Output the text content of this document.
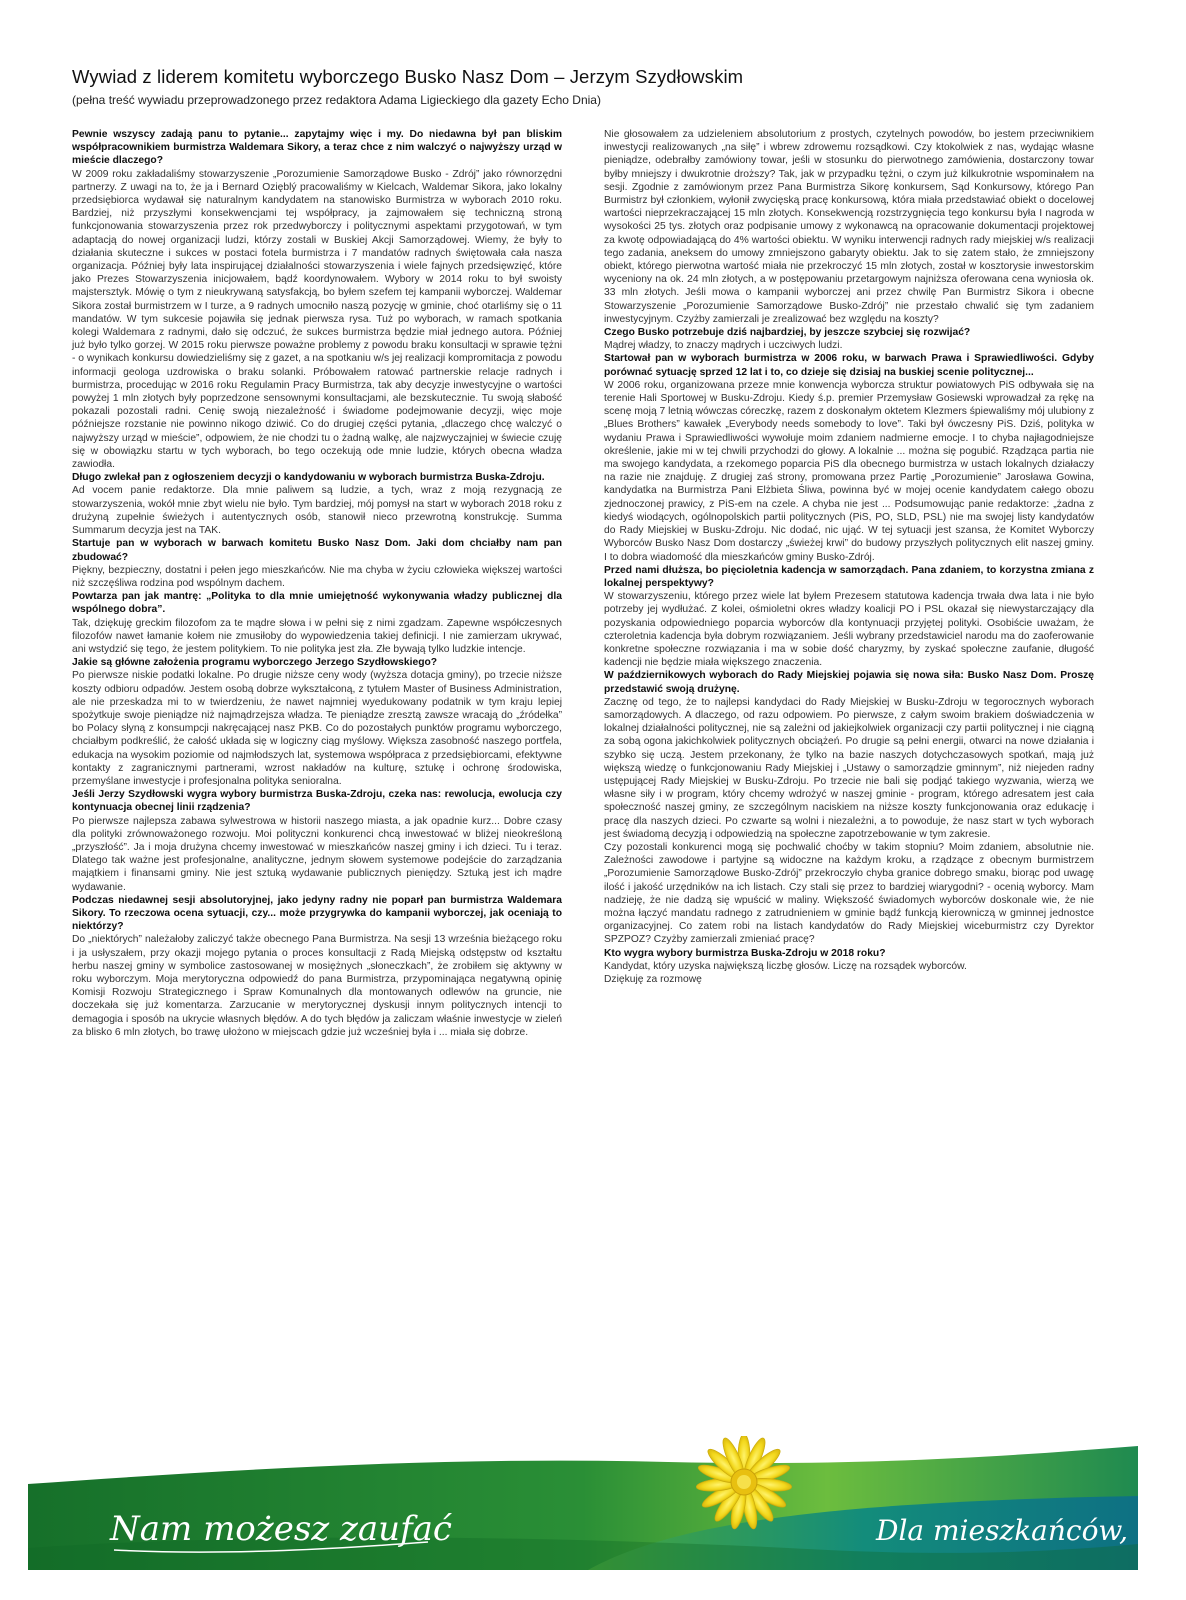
Wywiad z liderem komitetu wyborczego Busko Nasz Dom – Jerzym Szydłowskim
(pełna treść wywiadu przeprowadzonego przez redaktora Adama Ligieckiego dla gazety Echo Dnia)

Pewnie wszyscy zadają panu to pytanie... zapytajmy więc i my. Do niedawna był pan bliskim współpracownikiem burmistrza Waldemara Sikory, a teraz chce z nim walczyć o najwyższy urząd w mieście dlaczego?

W 2009 roku zakładaliśmy stowarzyszenie „Porozumienie Samorządowe Busko - Zdrój” jako równorzędni partnerzy. Z uwagi na to, że ja i Bernard Ozięblý pracowaliśmy w Kielcach, Waldemar Sikora, jako lokalny przedsiębiorca wydawał się naturalnym kandydatem na stanowisko Burmistrza w wyborach 2010 roku. Bardziej, niż przyszłymi konsekwencjami tej współpracy, ja zajmowałem się techniczną stroną funkcjonowania stowarzyszenia przez rok przedwyborczy i politycznymi aspektami przygotowań, w tym adaptacją do nowej organizacji ludzi, którzy zostali w Buskiej Akcji Samorządowej. Wiemy, że były to działania skuteczne i sukces w postaci fotela burmistrza i 7 mandatów radnych świętowała cała nasza organizacja. Później były lata inspirującej działalności stowarzyszenia i wiele fajnych przedsięwzięć, które jako Prezes Stowarzyszenia inicjowałem, bądź koordynowałem. Wybory w 2014 roku to był swoisty majstersztyk. Mówię o tym z nieukrywaną satysfakcją, bo byłem szefem tej kampanii wyborczej. Waldemar Sikora został burmistrzem w I turze, a 9 radnych umocniło naszą pozycję w gminie, choć otarliśmy się o 11 mandatów. W tym sukcesie pojawiła się jednak pierwsza rysa. Tuż po wyborach, w ramach spotkania kolegi Waldemara z radnymi, dało się odczuć, że sukces burmistrza będzie miał jednego autora. Później już było tylko gorzej. W 2015 roku pierwsze poważne problemy z powodu braku konsultacji w sprawie tężni - o wynikach konkursu dowiedzieliśmy się z gazet, a na spotkaniu w/s jej realizacji kompromitacja z powodu informacji geologa uzdrowiska o braku solanki. Próbowałem ratować partnerskie relacje radnych i burmistrza, procedując w 2016 roku Regulamin Pracy Burmistrza, tak aby decyzje inwestycyjne o wartości powyżej 1 mln złotych były poprzedzone sensownymi konsultacjami, ale bezskutecznie. Tu swoją słabość pokazali pozostali radni. Cenię swoją niezależność i świadome podejmowanie decyzji, więc moje późniejsze rozstanie nie powinno nikogo dziwić. Co do drugiej części pytania, „dlaczego chcę walczyć o najwyższy urząd w mieście”, odpowiem, że nie chodzi tu o żadną walkę, ale najzwyczajniej w świecie czuję się w obowiązku startu w tych wyborach, bo tego oczekują ode mnie ludzie, których obecna władza zawiodła.

Długo zwlekał pan z ogłoszeniem decyzji o kandydowaniu w wyborach burmistrza Buska-Zdroju.

Ad vocem panie redaktorze. Dla mnie paliwem są ludzie, a tych, wraz z moją rezygnacją ze stowarzyszenia, wokół mnie zbyt wielu nie było. Tym bardziej, mój pomysł na start w wyborach 2018 roku z drużyną zupełnie świeżych i autentycznych osób, stanowił nieco przewrotną konstrukcję. Summa Summarum decyzja jest na TAK.

Startuje pan w wyborach w barwach komitetu Busko Nasz Dom. Jaki dom chciałby nam pan zbudować?

Piękny, bezpieczny, dostatni i pełen jego mieszkańców. Nie ma chyba w życiu człowieka większej wartości niż szczęśliwa rodzina pod wspólnym dachem.

Powtarza pan jak mantrę: „Polityka to dla mnie umiejętność wykonywania władzy publicznej dla wspólnego dobra”.

Tak, dziękuję greckim filozofom za te mądre słowa i w pełni się z nimi zgadzam. Zapewne współczesnych filozofów nawet łamanie kołem nie zmusiłoby do wypowiedzenia takiej definicji. I nie zamierzam ukrywać, ani wstydzić się tego, że jestem politykiem. To nie polityka jest zła. Złe bywają tylko ludzkie intencje.

Jakie są główne założenia programu wyborczego Jerzego Szydłowskiego?

Po pierwsze niskie podatki lokalne. Po drugie niższe ceny wody (wyższa dotacja gminy), po trzecie niższe koszty odbioru odpadów. Jestem osobą dobrze wykształconą, z tytułem Master of Business Administration, ale nie przeskadza mi to w twierdzeniu, że nawet najmniej wyedukowany podatnik w tym kraju lepiej spożytkuje swoje pieniądze niż najmądrzejsza władza. Te pieniądze zresztą zawsze wracają do „źródełka” bo Polacy słyną z konsumpcji nakręcającej nasz PKB. Co do pozostałych punktów programu wyborczego, chciałbym podkreślić, że całość układa się w logiczny ciąg myślowy. Większa zasobność naszego portfela, edukacja na wysokim poziomie od najmłodszych lat, systemowa współpraca z przedsiębiorcami, efektywne kontakty z zagranicznymi partnerami, wzrost nakładów na kulturę, sztukę i ochronę środowiska, przemyślane inwestycje i profesjonalna polityka senioralna.

Jeśli Jerzy Szydłowski wygra wybory burmistrza Buska-Zdroju, czeka nas: rewolucja, ewolucja czy kontynuacja obecnej linii rządzenia?

Po pierwsze najlepsza zabawa sylwestrowa w historii naszego miasta, a jak opadnie kurz... Dobre czasy dla polityki zrównoważonego rozwoju. Moi polityczni konkurenci chcą inwestować w bliżej nieokreśloną „przyszłość”. Ja i moja drużyna chcemy inwestować w mieszkańców naszej gminy i ich dzieci. Tu i teraz. Dlatego tak ważne jest profesjonalne, analityczne, jednym słowem systemowe podejście do zarządzania majątkiem i finansami gminy. Nie jest sztuką wydawanie publicznych pieniędzy. Sztuką jest ich mądre wydawanie.

Podczas niedawnej sesji absolutoryjnej, jako jedyny radny nie poparł pan burmistrza Waldemara Sikory. To rzeczowa ocena sytuacji, czy... może przygrywka do kampanii wyborczej, jak oceniają to niektórzy?

Do „niektórych” należałoby zaliczyć także obecnego Pana Burmistrza. Na sesji 13 września bieżącego roku i ja usłyszałem, przy okazji mojego pytania o proces konsultacji z Radą Miejską odstępstw od kształtu herbu naszej gminy w symbolice zastosowanej w mosiężnych „słoneczkach”, że zrobiłem się aktywny w roku wyborczym. Moja merytoryczna odpowiedź do pana Burmistrza, przypominająca negatywną opinię Komisji Rozwoju Strategicznego i Spraw Komunalnych dla montowanych odlewów na gruncie, nie doczekała się już komentarza. Zarzucanie w merytorycznej dyskusji innym politycznych intencji to demagogia i sposób na ukrycie własnych błędów. A do tych błędów ja zaliczam właśnie inwestycje w zieleń za blisko 6 mln złotych, bo trawę ułożono w miejscach gdzie już wcześniej była i ... miała się dobrze.

Nie głosowałem za udzieleniem absolutorium z prostych, czytelnych powodów, bo jestem przeciwnikiem inwestycji realizowanych „na siłę” i wbrew zdrowemu rozsądkowi. Czy ktokolwiek z nas, wydając własne pieniądze, odebrałby zamówiony towar, jeśli w stosunku do pierwotnego zamówienia, dostarczony towar byłby mniejszy i dwukrotnie droższy? Tak, jak w przypadku tężni, o czym już kilkukrotnie wspominałem na sesji. Zgodnie z zamówionym przez Pana Burmistrza Sikorę konkursem, Sąd Konkursowy, którego Pan Burmistrz był członkiem, wyłonił zwycięską pracę konkursową, która miała przedstawiać obiekt o docelowej wartości nieprzekraczającej 15 mln złotych. Konsekwencją rozstrzygnięcia tego konkursu była I nagroda w wysokości 25 tys. złotych oraz podpisanie umowy z wykonawcą na opracowanie dokumentacji projektowej za kwotę odpowiadającą do 4% wartości obiektu. W wyniku interwencji radnych rady miejskiej w/s realizacji tego zadania, aneksem do umowy zmniejszono gabaryty obiektu. Jak to się zatem stało, że zmniejszony obiekt, którego pierwotna wartość miała nie przekroczyć 15 mln złotych, został w kosztorysie inwestorskim wyceniony na ok. 24 mln złotych, a w postępowaniu przetargowym najniższa oferowana cena wyniosła ok. 33 mln złotych. Jeśli mowa o kampanii wyborczej ani przez chwilę Pan Burmistrz Sikora i obecne Stowarzyszenie „Porozumienie Samorządowe Busko-Zdrój” nie przestało chwalić się tym zadaniem inwestycyjnym. Czyżby zamierzali je zrealizować bez względu na koszty?

Czego Busko potrzebuje dziś najbardziej, by jeszcze szybciej się rozwijać?

Mądrej władzy, to znaczy mądrych i uczciwych ludzi.

Startował pan w wyborach burmistrza w 2006 roku, w barwach Prawa i Sprawiedliwości. Gdyby porównać sytuację sprzed 12 lat i to, co dzieje się dzisiaj na buskiej scenie politycznej...

W 2006 roku, organizowana przeze mnie konwencja wyborcza struktur powiatowych PiS odbywała się na terenie Hali Sportowej w Busku-Zdroju. Kiedy ś.p. premier Przemysław Gosiewski wprowadzał za rękę na scenę moją 7 letnią wówczas córeczkę, razem z doskonałym oktetem Klezmers śpiewaliśmy mój ulubiony z „Blues Brothers” kawałek „Everybody needs somebody to love”. Taki był ówczesny PiS. Dziś, polityka w wydaniu Prawa i Sprawiedliwości wywołuje moim zdaniem nadmierne emocje. I to chyba najłagodniejsze określenie, jakie mi w tej chwili przychodzi do głowy. A lokalnie ... można się pogubić. Rządząca partia nie ma swojego kandydata, a rzekomego poparcia PiS dla obecnego burmistrza w ustach lokalnych działaczy na razie nie znajduję. Z drugiej zaś strony, promowana przez Partię „Porozumienie” Jarosława Gowina, kandydatka na Burmistrza Pani Elżbieta Śliwa, powinna być w mojej ocenie kandydatem całego obozu zjednoczonej prawicy, z PiS-em na czele. A chyba nie jest ... Podsumowując panie redaktorze: „żadna z kiedyś wiodących, ogólnopolskich partii politycznych (PiS, PO, SLD, PSL) nie ma swojej listy kandydatów do Rady Miejskiej w Busku-Zdroju. Nic dodać, nic ująć. W tej sytuacji jest szansa, że Komitet Wyborczy Wyborców Busko Nasz Dom dostarczy „świeżej krwi” do budowy przyszłych politycznych elit naszej gminy. I to dobra wiadomość dla mieszkańców gminy Busko-Zdrój.

Przed nami dłuższa, bo pięcioletnia kadencja w samorządach. Pana zdaniem, to korzystna zmiana z lokalnej perspektywy?

W stowarzyszeniu, którego przez wiele lat byłem Prezesem statutowa kadencja trwała dwa lata i nie było potrzeby jej wydłużać. Z kolei, ośmioletni okres władzy koalicji PO i PSL okazał się niewystarczający dla pozyskania odpowiedniego poparcia wyborców dla kontynuacji przyjętej polityki. Osobiście uważam, że czteroletnia kadencja była dobrym rozwiązaniem. Jeśli wybrany przedstawiciel narodu ma do zaoferowanie konkretne społeczne rozwiązania i ma w sobie dość charyzmy, by zyskać społeczne zaufanie, długość kadencji nie będzie miała większego znaczenia.

W październikowych wyborach do Rady Miejskiej pojawia się nowa siła: Busko Nasz Dom. Proszę przedstawić swoją drużynę.

Zacznę od tego, że to najlepsi kandydaci do Rady Miejskiej w Busku-Zdroju w tegorocznych wyborach samorządowych. A dlaczego, od razu odpowiem. Po pierwsze, z całym swoim brakiem doświadczenia w lokalnej działalności politycznej, nie są zależni od jakiejkolwiek organizacji czy partii politycznej i nie ciągną za sobą ogona jakichkolwiek politycznych obciążeń. Po drugie są pełni energii, otwarci na nowe działania i szybko się uczą. Jestem przekonany, że tylko na bazie naszych dotychczasowych spotkań, mają już większą wiedzę o funkcjonowaniu Rady Miejskiej i „Ustawy o samorządzie gminnym”, niż niejeden radny ustępującej Rady Miejskiej w Busku-Zdroju. Po trzecie nie bali się podjąć takiego wyzwania, wierzą we własne siły i w program, który chcemy wdrożyć w naszej gminie - program, którego adresatem jest cała społeczność naszej gminy, ze szczególnym naciskiem na niższe koszty funkcjonowania oraz edukację i pracę dla naszych dzieci. Po czwarte są wolni i niezależni, a to powoduje, że nasz start w tych wyborach jest świadomą decyzją i odpowiedzią na społeczne zapotrzebowanie w tym zakresie.

Czy pozostali konkurenci mogą się pochwalić choćby w takim stopniu? Moim zdaniem, absolutnie nie. Zależności zawodowe i partyjne są widoczne na każdym kroku, a rządzące z obecnym burmistrzem „Porozumienie Samorządowe Busko-Zdrój” przekroczyło chyba granice dobrego smaku, biorąc pod uwagę ilość i jakość urzędników na ich listach. Czy stali się przez to bardziej wiarygodni? - ocenią wyborcy. Mam nadzieję, że nie dadzą się wpuścić w maliny. Większość świadomych wyborców doskonale wie, że nie można łączyć mandatu radnego z zatrudnieniem w gminie bądź funkcją kierowniczą w gminnej jednostce organizacyjnej. Co zatem robi na listach kandydatów do Rady Miejskiej wiceburmistrz czy Dyrektor SPZPOZ? Czyżby zamierzali zmieniać pracę?

Kto wygra wybory burmistrza Buska-Zdroju w 2018 roku?

Kandydat, który uzyska największą liczbę głosów. Liczę na rozsądek wyborców.

Dziękuję za rozmowę

Nam możesz zaufać	Dla mieszkańców,
